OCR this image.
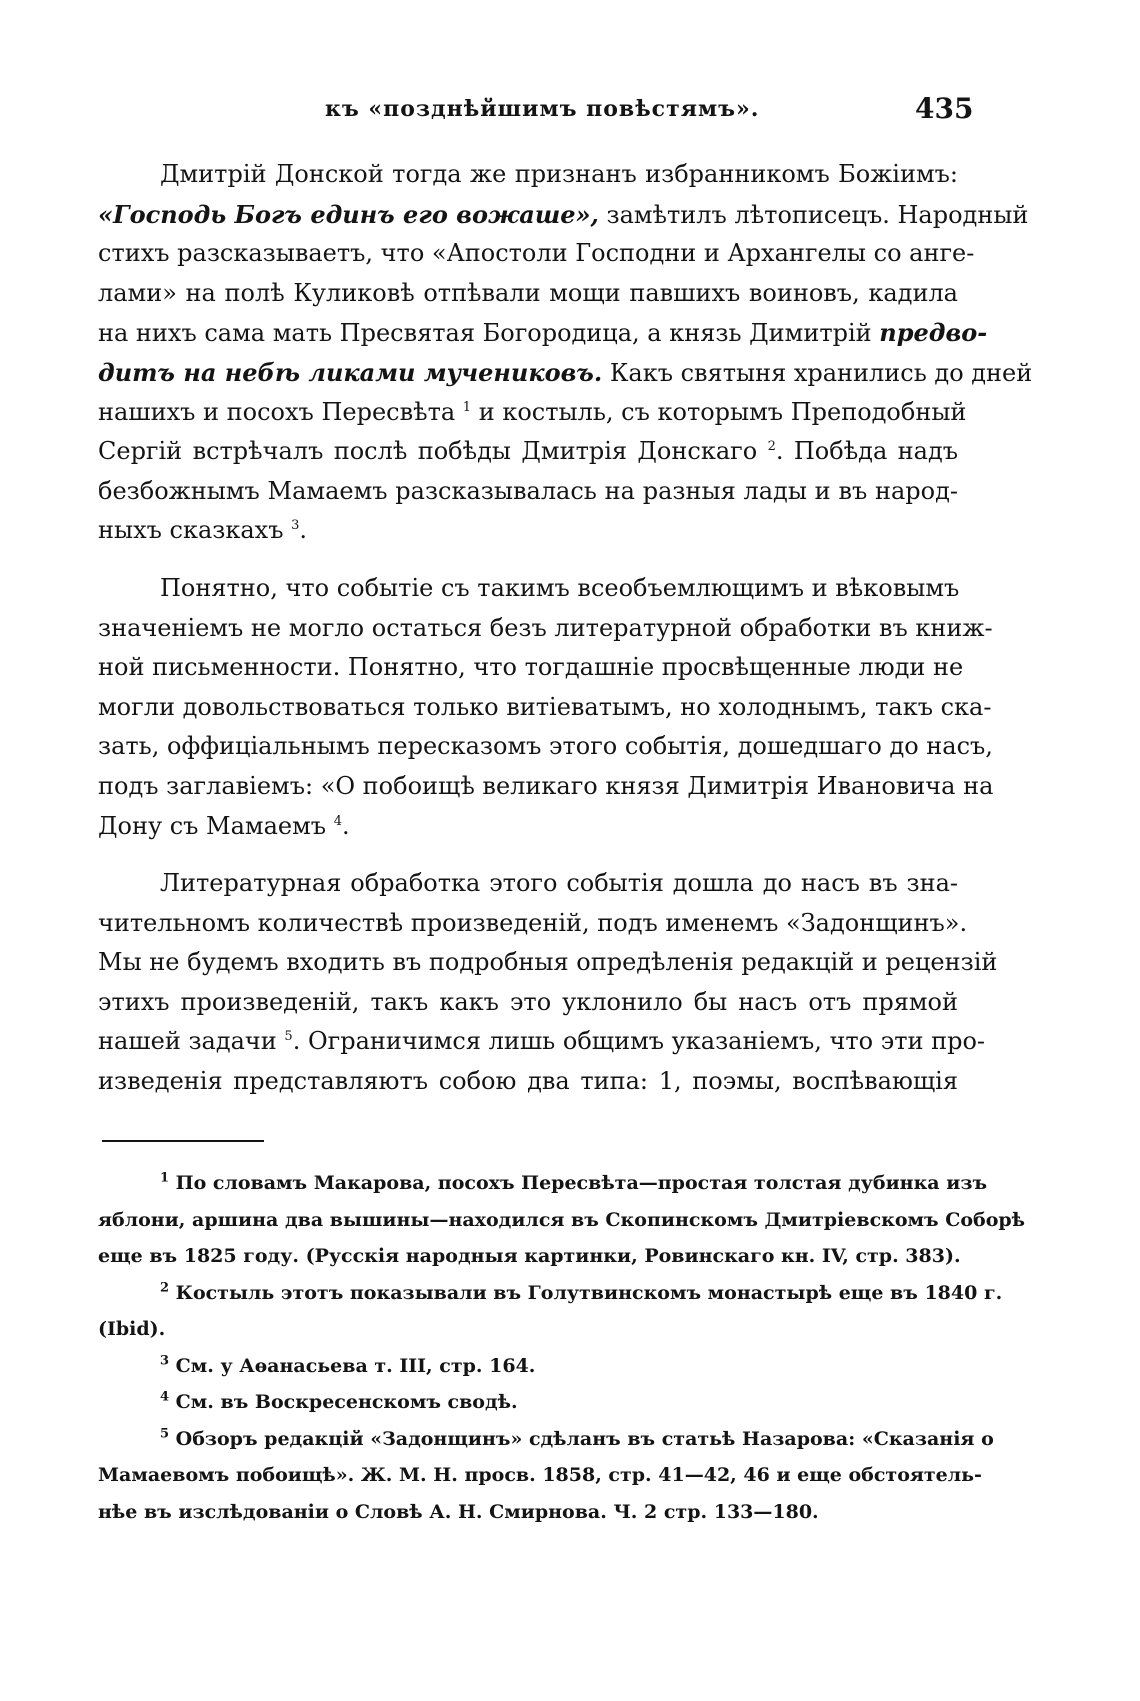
къ «позднѣйшимъ повѣстямъ».	435
Дмитрій Донской тогда же признанъ избранникомъ Божіимъ:
«Господь Богъ единъ его вожаше», замѣтилъ лѣтописецъ. Народный
стихъ разсказываетъ, что «Апостоли Господни и Архангелы со анге-
лами» на полѣ Куликовѣ отпѣвали мощи павшихъ воиновъ, кадила
на нихъ сама мать Пресвятая Богородица, а князь Димитрій предво-
дитъ на небѣ ликами мучениковъ. Какъ святыня хранились до дней
нашихъ и посохъ Пересвѣта $^1$ и костыль, съ которымъ Преподобный
Сергій встрѣчалъ послѣ побѣды Дмитрія Донскаго $^2$. Побѣда надъ
безбожнымъ Мамаемъ разсказывалась на разныя лады и въ народ-
ныхъ сказкахъ $^3$.
Понятно, что событіе съ такимъ всеобъемлющимъ и вѣковымъ
значеніемъ не могло остаться безъ литературной обработки въ книж-
ной письменности. Понятно, что тогдашніе просвѣщенные люди не
могли довольствоваться только витіеватымъ, но холоднымъ, такъ ска-
зать, оффиціальнымъ пересказомъ этого событія, дошедшаго до насъ,
подъ заглавіемъ: «О побоищѣ великаго князя Димитрія Ивановича на
Дону съ Мамаемъ $^4$.
Литературная обработка этого событія дошла до насъ въ зна-
чительномъ количествѣ произведеній, подъ именемъ «Задонщинъ».
Мы не будемъ входить въ подробныя опредѣленія редакцій и рецензій
этихъ произведеній, такъ какъ это уклонило бы насъ отъ прямой
нашей задачи $^5$. Ограничимся лишь общимъ указаніемъ, что эти про-
изведенія представляютъ собою два типа: 1, поэмы, воспѣвающія
$^1$ По словамъ Макарова, посохъ Пересвѣта—простая толстая дубинка изъ
яблони, аршина два вышины—находился въ Скопинскомъ Дмитріевскомъ Соборѣ
еще въ 1825 году. (Русскія народныя картинки, Ровинскаго кн. IV, стр. 383).
$^2$ Костыль этотъ показывали въ Голутвинскомъ монастырѣ еще въ 1840 г.
(Ibid).
$^3$ См. у Аѳанасьева т. III, стр. 164.
$^4$ См. въ Воскресенскомъ сводѣ.
$^5$ Обзоръ редакцій «Задонщинъ» сдѣланъ въ статьѣ Назарова: «Сказанія о
Мамаевомъ побоищѣ». Ж. М. Н. просв. 1858, стр. 41—42, 46 и еще обстоятель-
нѣе въ изслѣдованіи о Словѣ А. Н. Смирнова. Ч. 2 стр. 133—180.
